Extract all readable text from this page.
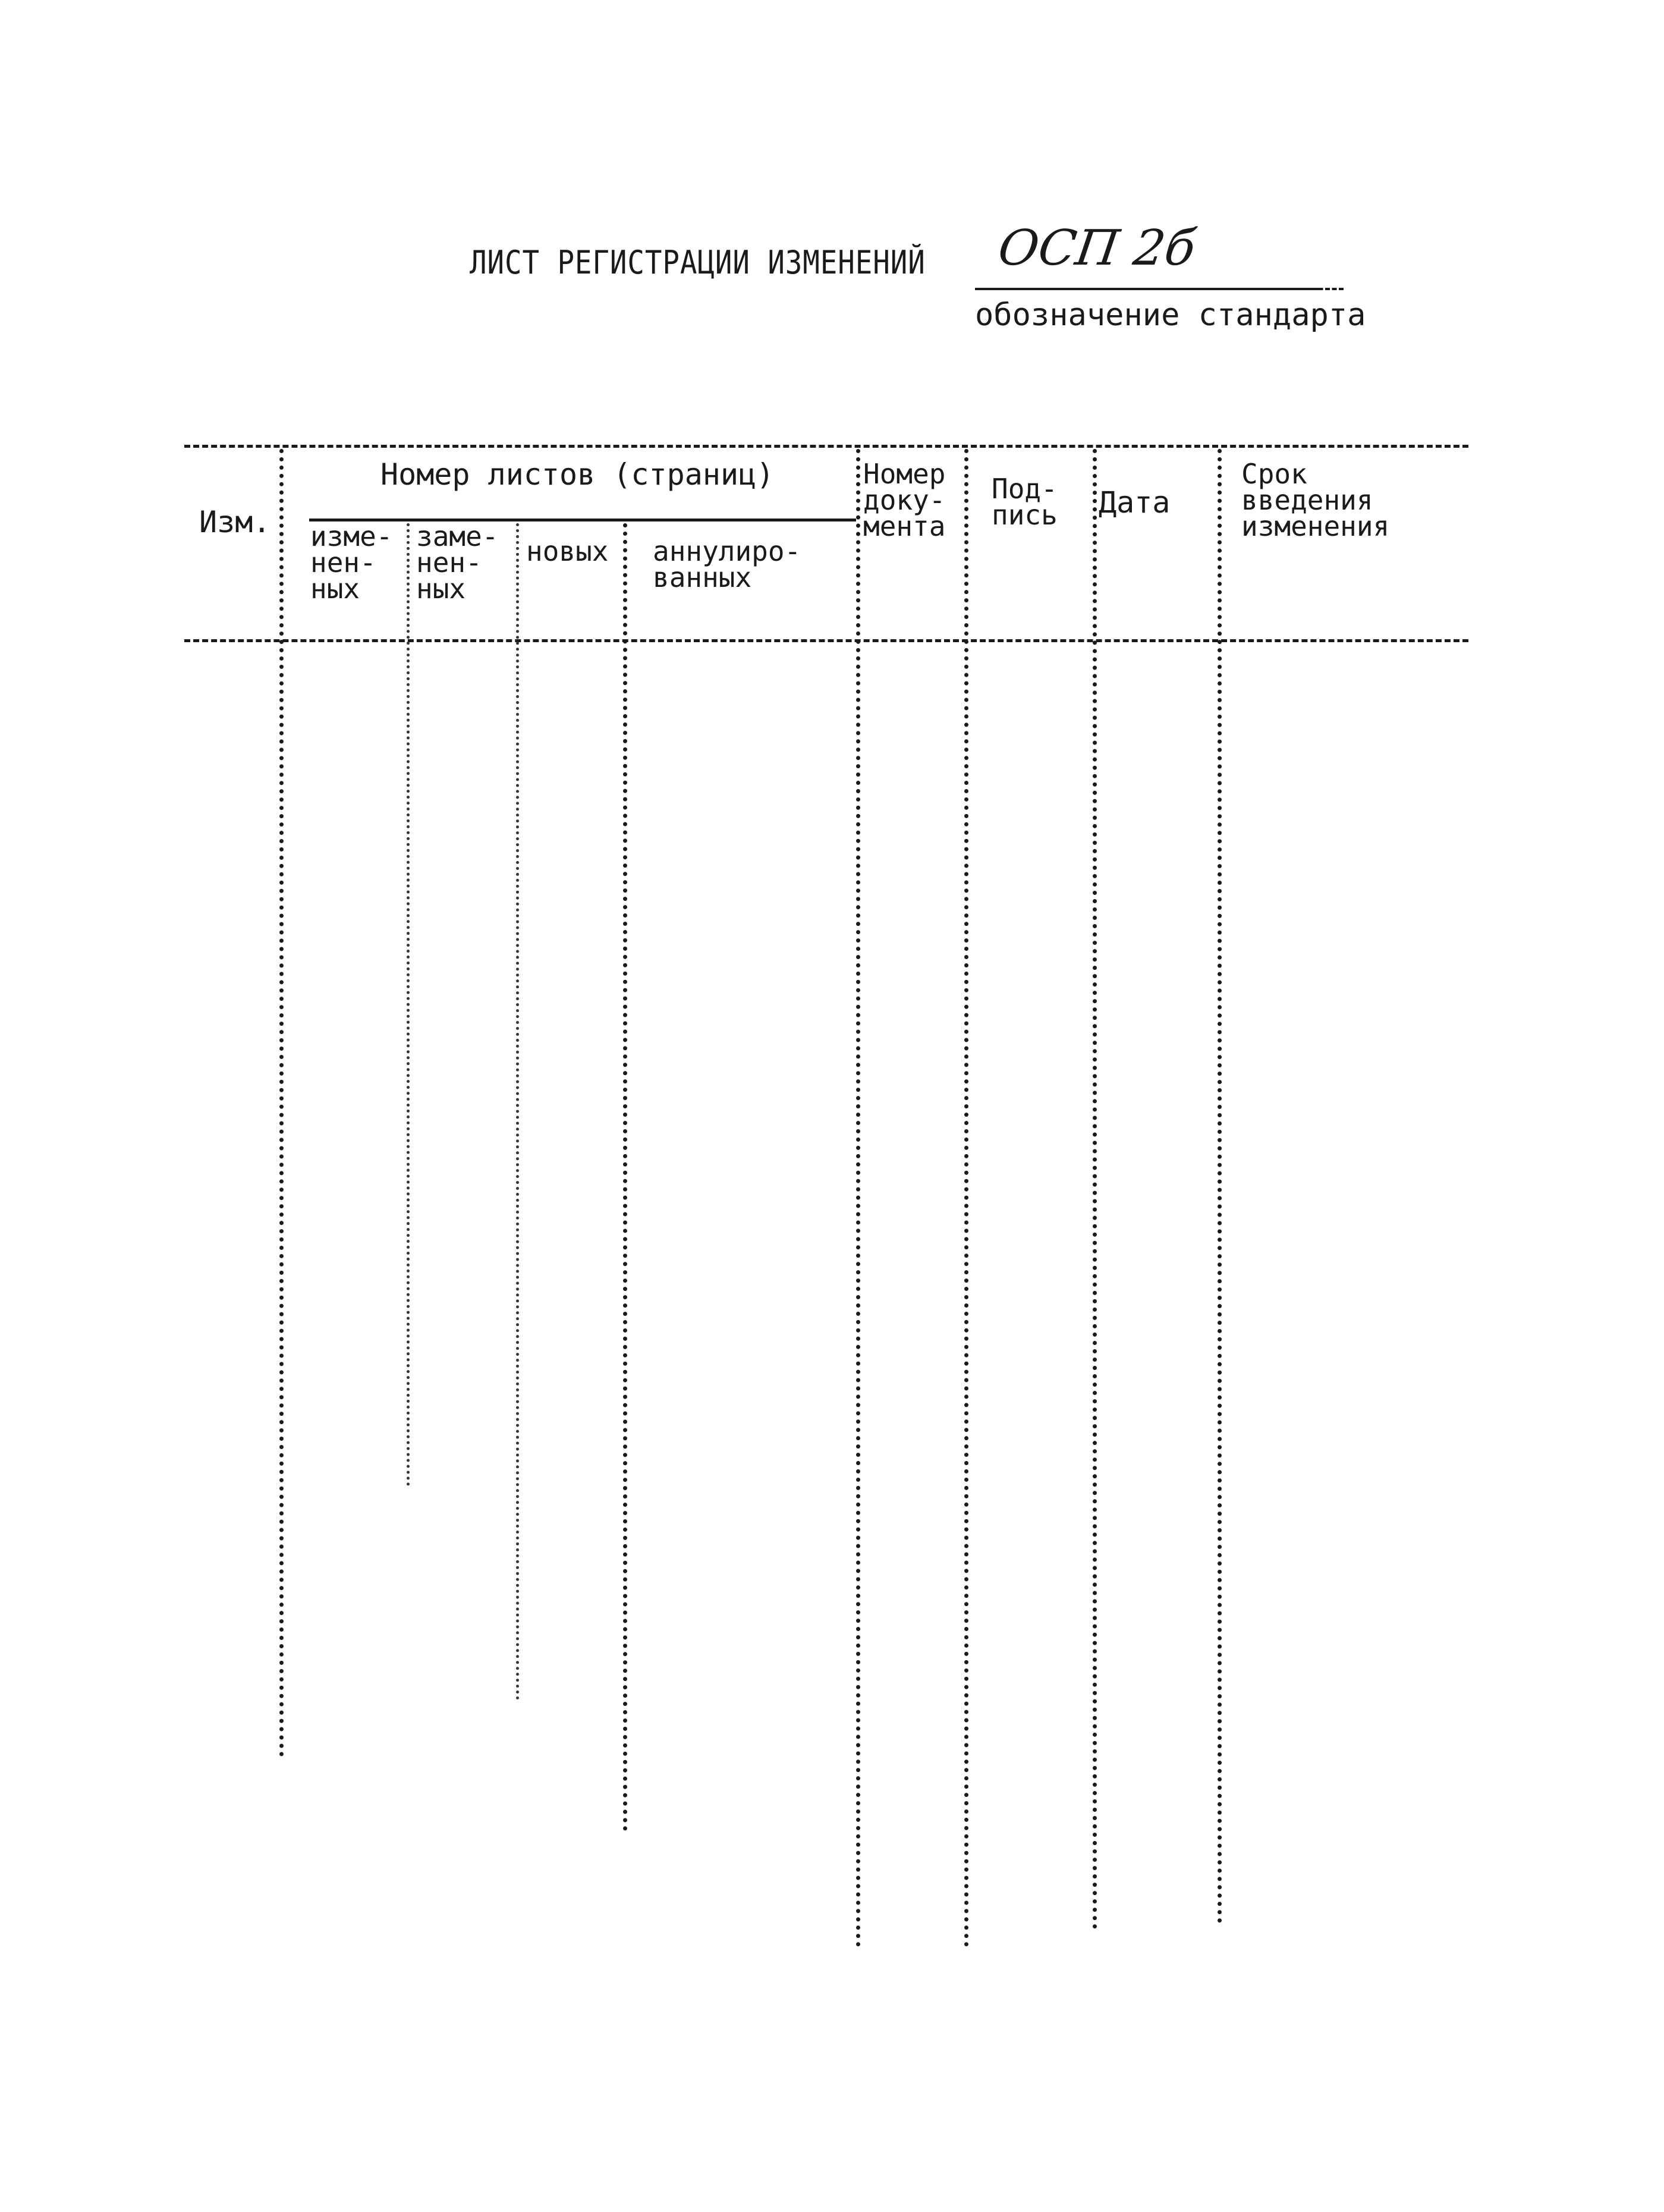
ЛИСТ РЕГИСТРАЦИИ ИЗМЕНЕНИЙ ОСП 2б
обозначение стандарта
Изм.
Номер листов (страниц)
изме-
нен-
ных
заме-
нен-
ных
новых аннулиро-
ванных
Номер
доку-
мента
Под-
пись Дата
Срок
введения
изменения
